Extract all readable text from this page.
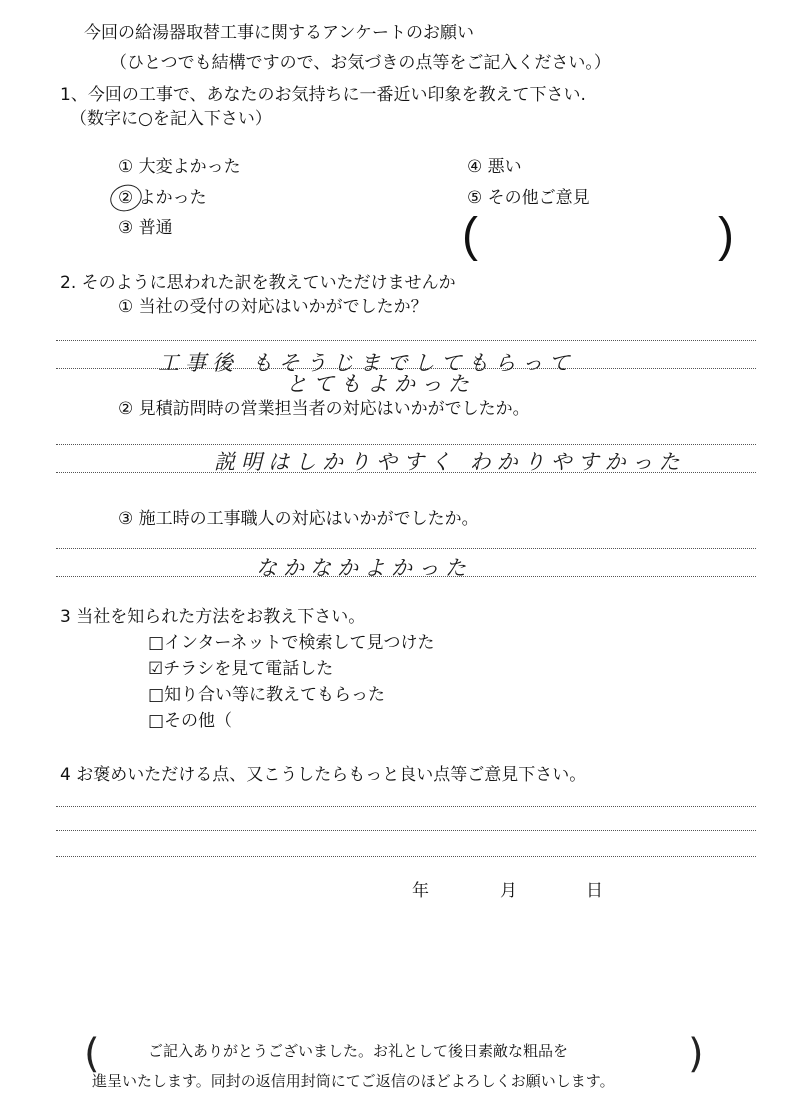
今回の給湯器取替工事に関するアンケートのお願い
（ひとつでも結構ですので、お気づきの点等をご記入ください。）
1、今回の工事で、あなたのお気持ちに一番近い印象を教えて下さい.
（数字に○を記入下さい）
① 大変よかった
② よかった
③ 普通
④ 悪い
⑤ その他ご意見
(	)
2. そのように思われた訳を教えていただけませんか
① 当社の受付の対応はいかがでしたか？
工事後 もそうじまでしてもらって
とてもよかった
② 見積訪問時の営業担当者の対応はいかがでしたか。
説明はしかりやすく わかりやすかった
③ 施工時の工事職人の対応はいかがでしたか。
なかなかよかった
3 当社を知られた方法をお教え下さい。
□インターネットで検索して見つけた
☑チラシを見て電話した
□知り合い等に教えてもらった
□その他（
4 お褒めいただける点、又こうしたらもっと良い点等ご意見下さい。
年	月	日
(	)
ご記入ありがとうございました。お礼として後日素敵な粗品を
進呈いたします。同封の返信用封筒にてご返信のほどよろしくお願いします。
